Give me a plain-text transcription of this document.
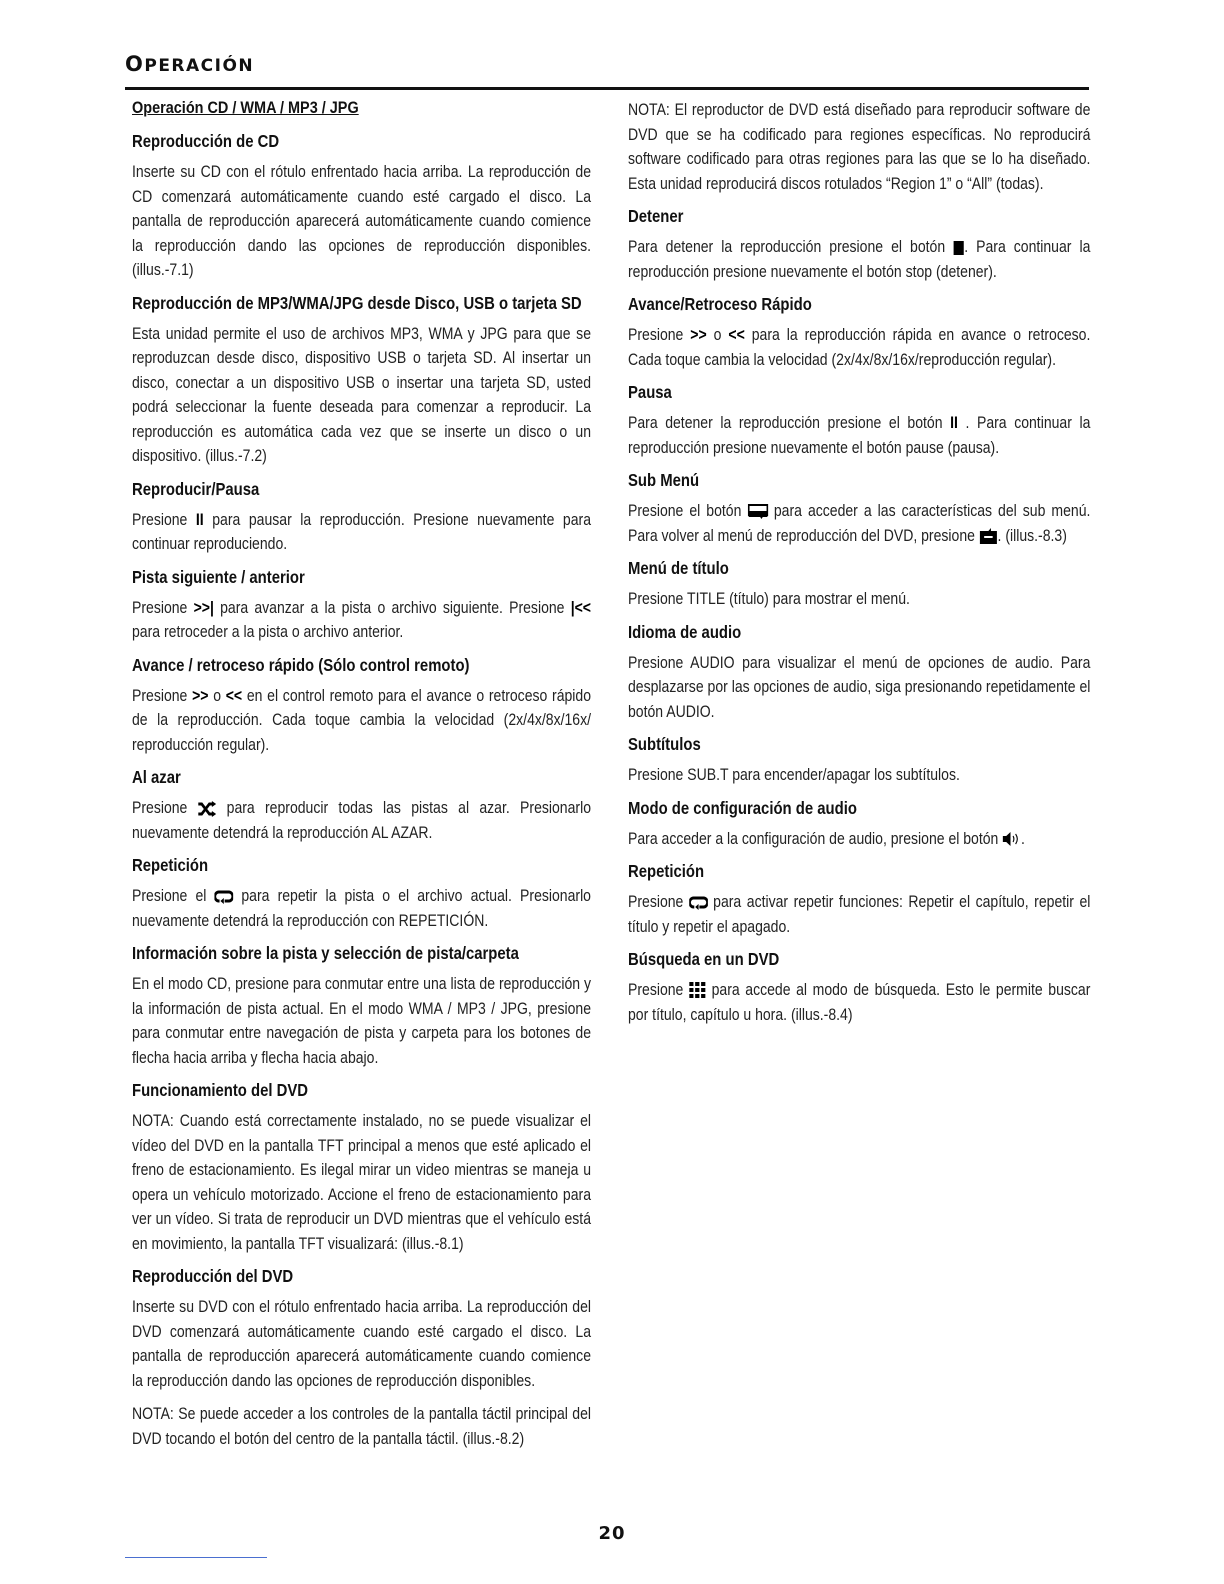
OPERACIÓN
Operación CD / WMA / MP3 / JPG
Reproducción de CD

Inserte su CD con el rótulo enfrentado hacia arriba. La reproducción de CD comenzará automáticamente cuando esté cargado el disco. La pantalla de reproducción aparecerá automáticamente cuando comience la reproducción dando las opciones de reproducción disponibles. (illus.-7.1)

Reproducción de MP3/WMA/JPG desde Disco, USB o tarjeta SD

Esta unidad permite el uso de archivos MP3, WMA y JPG para que se reproduzcan desde disco, dispositivo USB o tarjeta SD. Al insertar un disco, conectar a un dispositivo USB o insertar una tarjeta SD, usted podrá seleccionar la fuente deseada para comenzar a reproducir. La reproducción es automática cada vez que se inserte un disco o un dispositivo. (illus.-7.2)

Reproducir/Pausa

Presione II para pausar la reproducción. Presione nuevamente para continuar reproduciendo.

Pista siguiente / anterior

Presione >>| para avanzar a la pista o archivo siguiente. Presione |<< para retroceder a la pista o archivo anterior.

Avance / retroceso rápido (Sólo control remoto)

Presione >> o << en el control remoto para el avance o retroceso rápido de la reproducción. Cada toque cambia la velocidad (2x/4x/8x/16x/ reproducción regular).

Al azar

Presione para reproducir todas las pistas al azar. Presionarlo nuevamente detendrá la reproducción AL AZAR.

Repetición

Presione el para repetir la pista o el archivo actual. Presionarlo nuevamente detendrá la reproducción con REPETICIÓN.

Información sobre la pista y selección de pista/carpeta

En el modo CD, presione para conmutar entre una lista de reproducción y la información de pista actual. En el modo WMA / MP3 / JPG, presione para conmutar entre navegación de pista y carpeta para los botones de flecha hacia arriba y flecha hacia abajo.

Funcionamiento del DVD

NOTA: Cuando está correctamente instalado, no se puede visualizar el vídeo del DVD en la pantalla TFT principal a menos que esté aplicado el freno de estacionamiento. Es ilegal mirar un video mientras se maneja u opera un vehículo motorizado. Accione el freno de estacionamiento para ver un vídeo. Si trata de reproducir un DVD mientras que el vehículo está en movimiento, la pantalla TFT visualizará: (illus.-8.1)

Reproducción del DVD

Inserte su DVD con el rótulo enfrentado hacia arriba. La reproducción del DVD comenzará automáticamente cuando esté cargado el disco. La pantalla de reproducción aparecerá automáticamente cuando comience la reproducción dando las opciones de reproducción disponibles.

NOTA: Se puede acceder a los controles de la pantalla táctil principal del DVD tocando el botón del centro de la pantalla táctil. (illus.-8.2)

NOTA: El reproductor de DVD está diseñado para reproducir software de DVD que se ha codificado para regiones específicas. No reproducirá software codificado para otras regiones para las que se lo ha diseñado. Esta unidad reproducirá discos rotulados “Region 1” o “All” (todas).

Detener

Para detener la reproducción presione el botón . Para continuar la reproducción presione nuevamente el botón stop (detener).

Avance/Retroceso Rápido

Presione >> o << para la reproducción rápida en avance o retroceso. Cada toque cambia la velocidad (2x/4x/8x/16x/reproducción regular).

Pausa

Para detener la reproducción presione el botón II . Para continuar la reproducción presione nuevamente el botón pause (pausa).

Sub Menú

Presione el botón para acceder a las características del sub menú. Para volver al menú de reproducción del DVD, presione . (illus.-8.3)

Menú de título

Presione TITLE (título) para mostrar el menú.

Idioma de audio

Presione AUDIO para visualizar el menú de opciones de audio. Para desplazarse por las opciones de audio, siga presionando repetidamente el botón AUDIO.

Subtítulos

Presione SUB.T para encender/apagar los subtítulos.

Modo de configuración de audio

Para acceder a la configuración de audio, presione el botón .

Repetición

Presione para activar repetir funciones: Repetir el capítulo, repetir el título y repetir el apagado.

Búsqueda en un DVD

Presione para accede al modo de búsqueda. Esto le permite buscar por título, capítulo u hora. (illus.-8.4)

20
